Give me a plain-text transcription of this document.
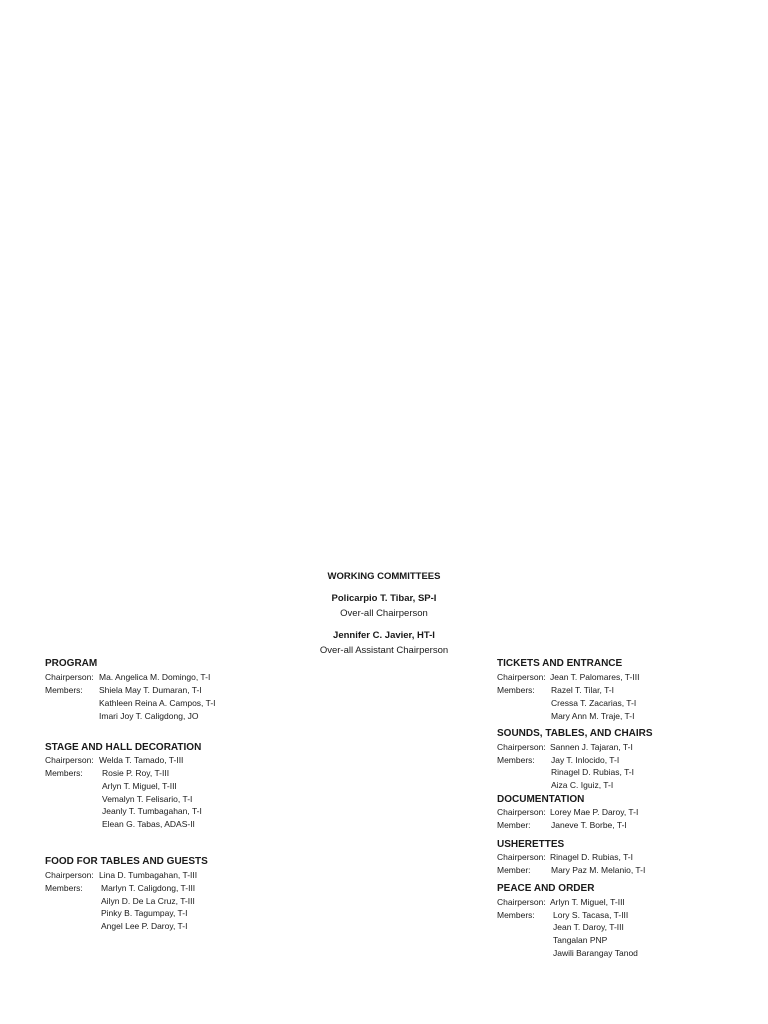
WORKING COMMITTEES
Policarpio T. Tibar, SP-I
Over-all Chairperson
Jennifer C. Javier, HT-I
Over-all Assistant Chairperson
PROGRAM
Chairperson: Ma. Angelica M. Domingo, T-I
Members: Shiela May T. Dumaran, T-I
Kathleen Reina A. Campos, T-I
Imari Joy T. Caligdong, JO
STAGE AND HALL DECORATION
Chairperson: Welda T. Tamado, T-III
Members: Rosie P. Roy, T-III
Arlyn T. Miguel, T-III
Vemalyn T. Felisario, T-I
Jeanly T. Tumbagahan, T-I
Elean G. Tabas, ADAS-II
FOOD FOR TABLES AND GUESTS
Chairperson: Lina D. Tumbagahan, T-III
Members: Marlyn T. Caligdong, T-III
Ailyn D. De La Cruz, T-III
Pinky B. Tagumpay, T-I
Angel Lee P. Daroy, T-I
TICKETS AND ENTRANCE
Chairperson: Jean T. Palomares, T-III
Members: Razel T. Tilar, T-I
Cressa T. Zacarias, T-I
Mary Ann M. Traje, T-I
SOUNDS, TABLES, AND CHAIRS
Chairperson: Sannen J. Tajaran, T-I
Members: Jay T. Inlocido, T-I
Rinagel D. Rubias, T-I
Aiza C. Iguiz, T-I
DOCUMENTATION
Chairperson: Lorey Mae P. Daroy, T-I
Member: Janeve T. Borbe, T-I
USHERETTES
Chairperson: Rinagel D. Rubias, T-I
Member: Mary Paz M. Melanio, T-I
PEACE AND ORDER
Chairperson: Arlyn T. Miguel, T-III
Members: Lory S. Tacasa, T-III
Jean T. Daroy, T-III
Tangalan PNP
Jawili Barangay Tanod
